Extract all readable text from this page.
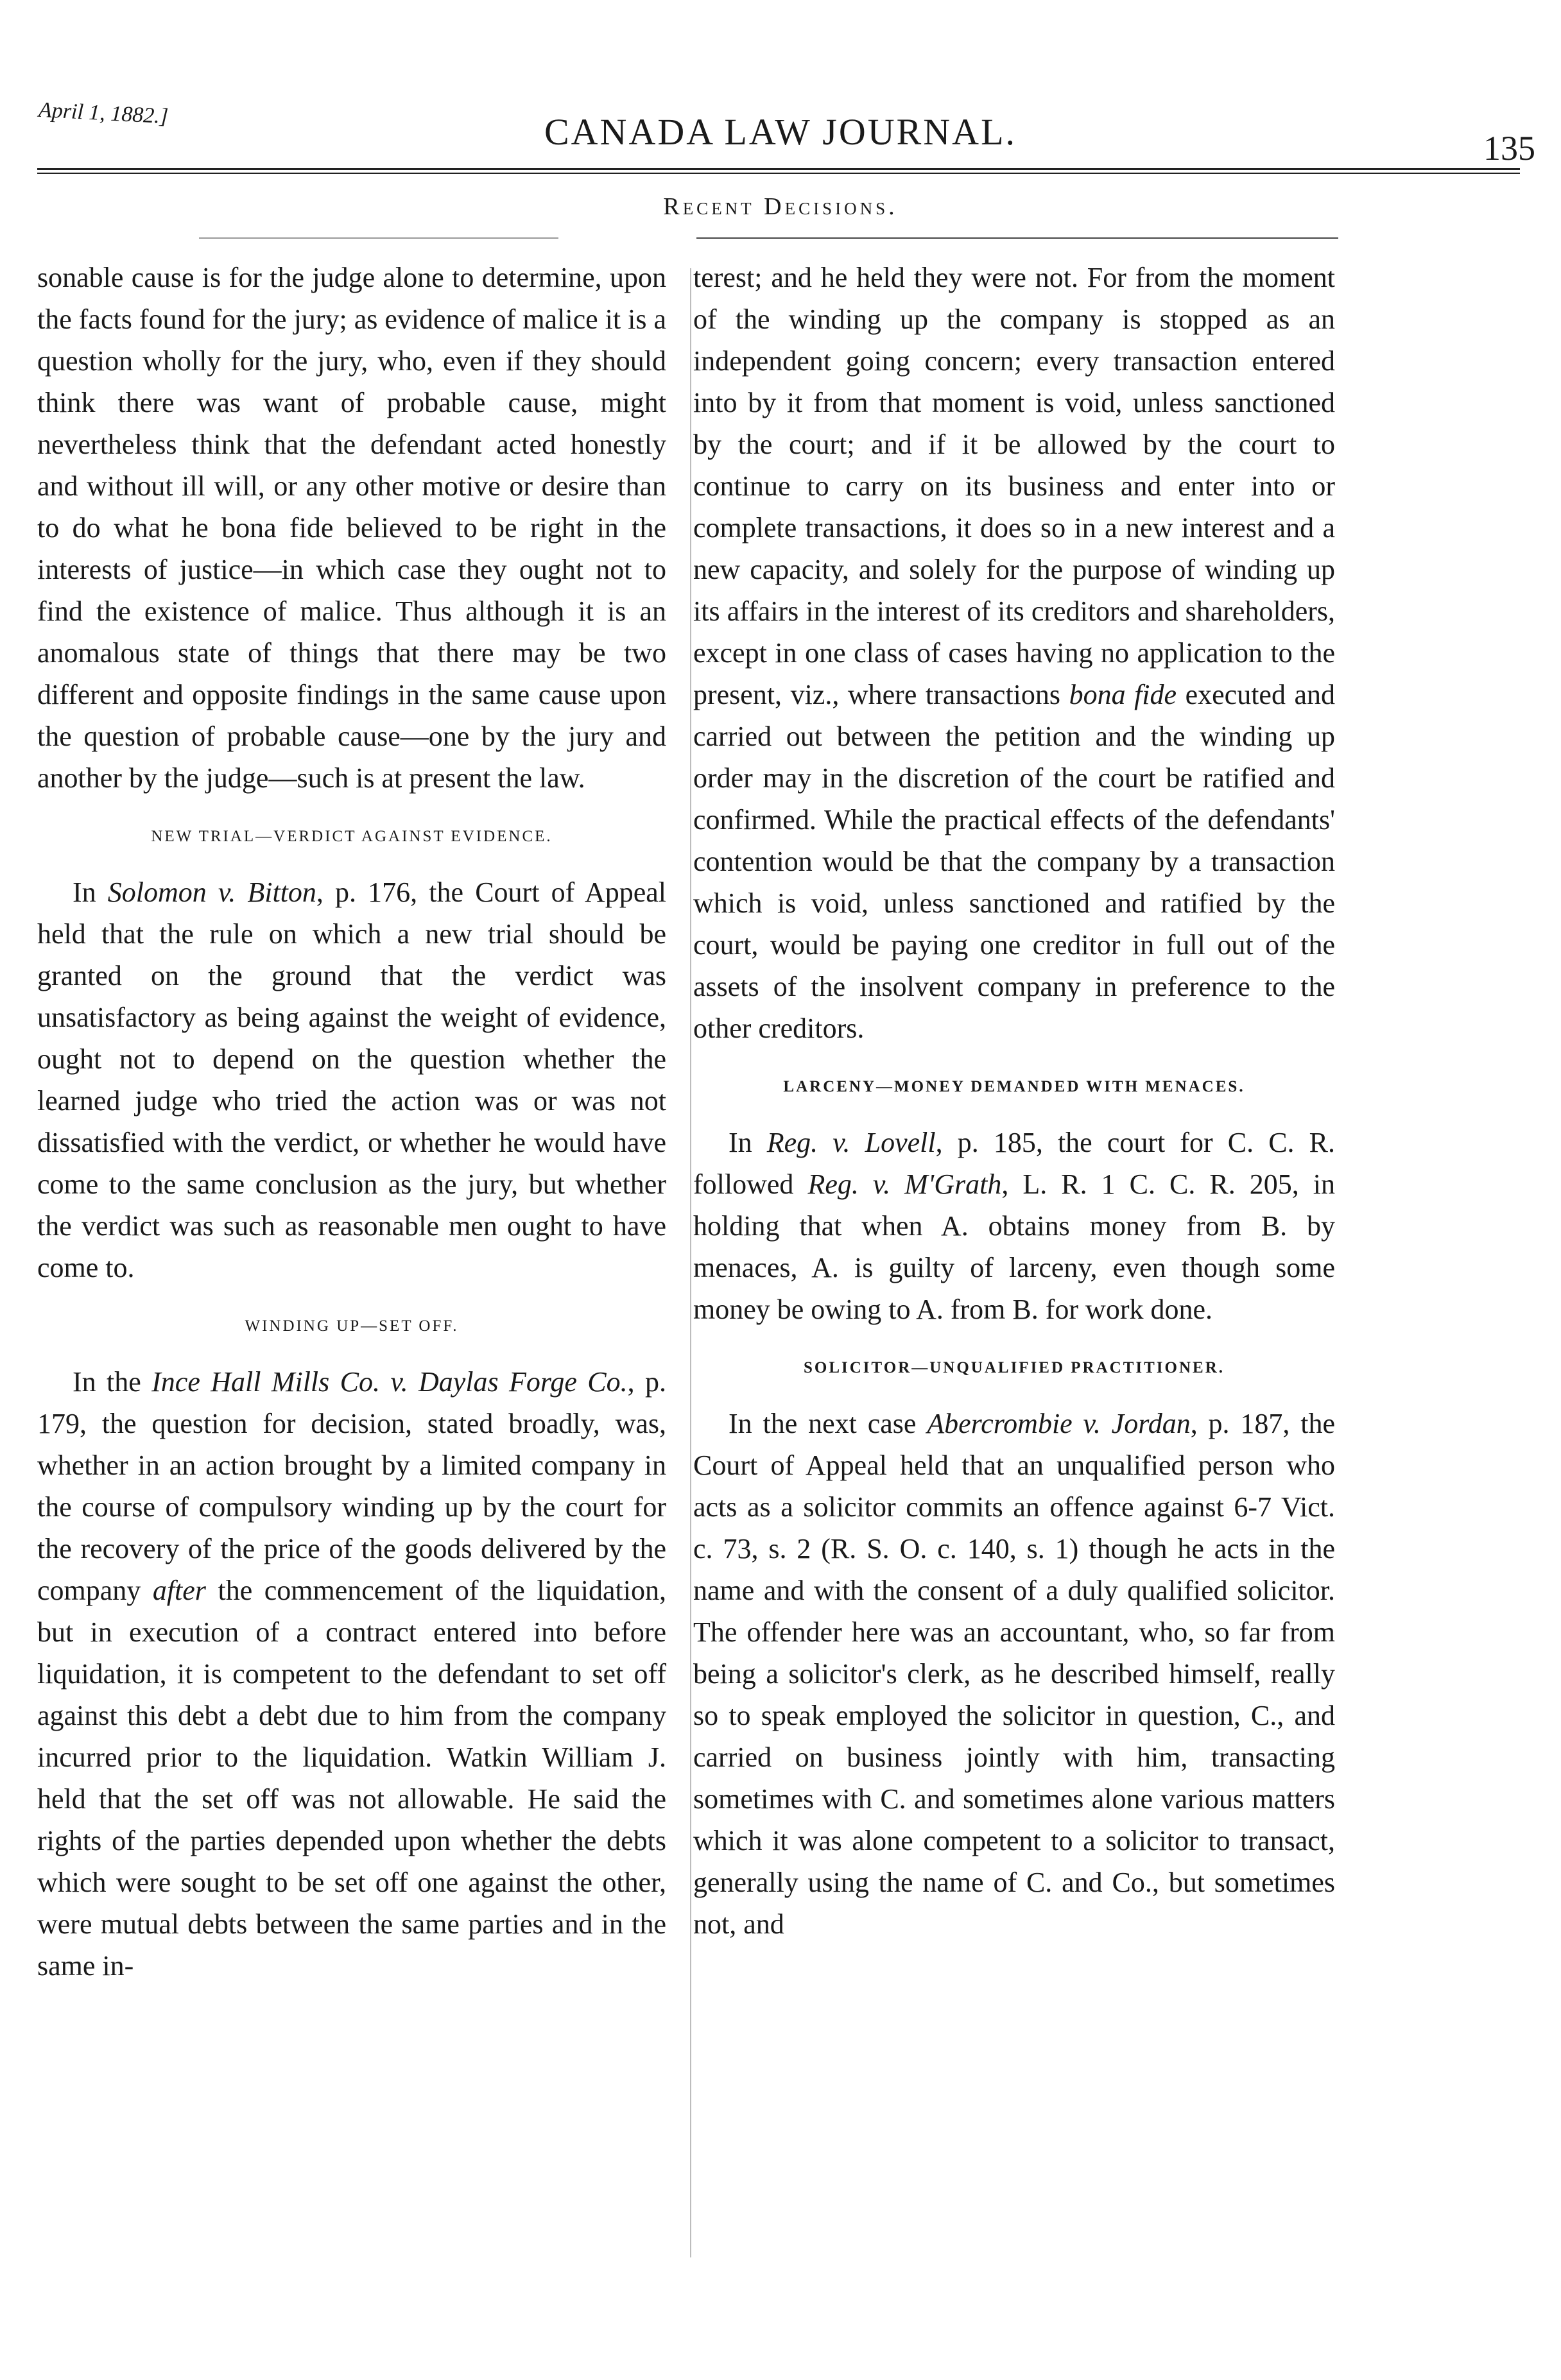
April 1, 1882.]	CANADA LAW JOURNAL.	135
Recent Decisions.

sonable cause is for the judge alone to determine, upon the facts found for the jury; as evidence of malice it is a question wholly for the jury, who, even if they should think there was want of probable cause, might nevertheless think that the defendant acted honestly and without ill will, or any other motive or desire than to do what he bona fide believed to be right in the interests of justice—in which case they ought not to find the existence of malice. Thus although it is an anomalous state of things that there may be two different and opposite findings in the same cause upon the question of probable cause—one by the jury and another by the judge—such is at present the law.

NEW TRIAL—VERDICT AGAINST EVIDENCE.

In Solomon v. Bitton, p. 176, the Court of Appeal held that the rule on which a new trial should be granted on the ground that the verdict was unsatisfactory as being against the weight of evidence, ought not to depend on the question whether the learned judge who tried the action was or was not dissatisfied with the verdict, or whether he would have come to the same conclusion as the jury, but whether the verdict was such as reasonable men ought to have come to.

WINDING UP—SET OFF.

In the Ince Hall Mills Co. v. Daylas Forge Co., p. 179, the question for decision, stated broadly, was, whether in an action brought by a limited company in the course of compulsory winding up by the court for the recovery of the price of the goods delivered by the company after the commencement of the liquidation, but in execution of a contract entered into before liquidation, it is competent to the defendant to set off against this debt a debt due to him from the company incurred prior to the liquidation. Watkin William J. held that the set off was not allowable. He said the rights of the parties depended upon whether the debts which were sought to be set off one against the other, were mutual debts between the same parties and in the same in-

terest; and he held they were not. For from the moment of the winding up the company is stopped as an independent going concern; every transaction entered into by it from that moment is void, unless sanctioned by the court; and if it be allowed by the court to continue to carry on its business and enter into or complete transactions, it does so in a new interest and a new capacity, and solely for the purpose of winding up its affairs in the interest of its creditors and shareholders, except in one class of cases having no application to the present, viz., where transactions bona fide executed and carried out between the petition and the winding up order may in the discretion of the court be ratified and confirmed. While the practical effects of the defendants' contention would be that the company by a transaction which is void, unless sanctioned and ratified by the court, would be paying one creditor in full out of the assets of the insolvent company in preference to the other creditors.

LARCENY—MONEY DEMANDED WITH MENACES.

In Reg. v. Lovell, p. 185, the court for C. C. R. followed Reg. v. M'Grath, L. R. 1 C. C. R. 205, in holding that when A. obtains money from B. by menaces, A. is guilty of larceny, even though some money be owing to A. from B. for work done.

SOLICITOR—UNQUALIFIED PRACTITIONER.

In the next case Abercrombie v. Jordan, p. 187, the Court of Appeal held that an unqualified person who acts as a solicitor commits an offence against 6-7 Vict. c. 73, s. 2 (R. S. O. c. 140, s. 1) though he acts in the name and with the consent of a duly qualified solicitor. The offender here was an accountant, who, so far from being a solicitor's clerk, as he described himself, really so to speak employed the solicitor in question, C., and carried on business jointly with him, transacting sometimes with C. and sometimes alone various matters which it was alone competent to a solicitor to transact, generally using the name of C. and Co., but sometimes not, and
